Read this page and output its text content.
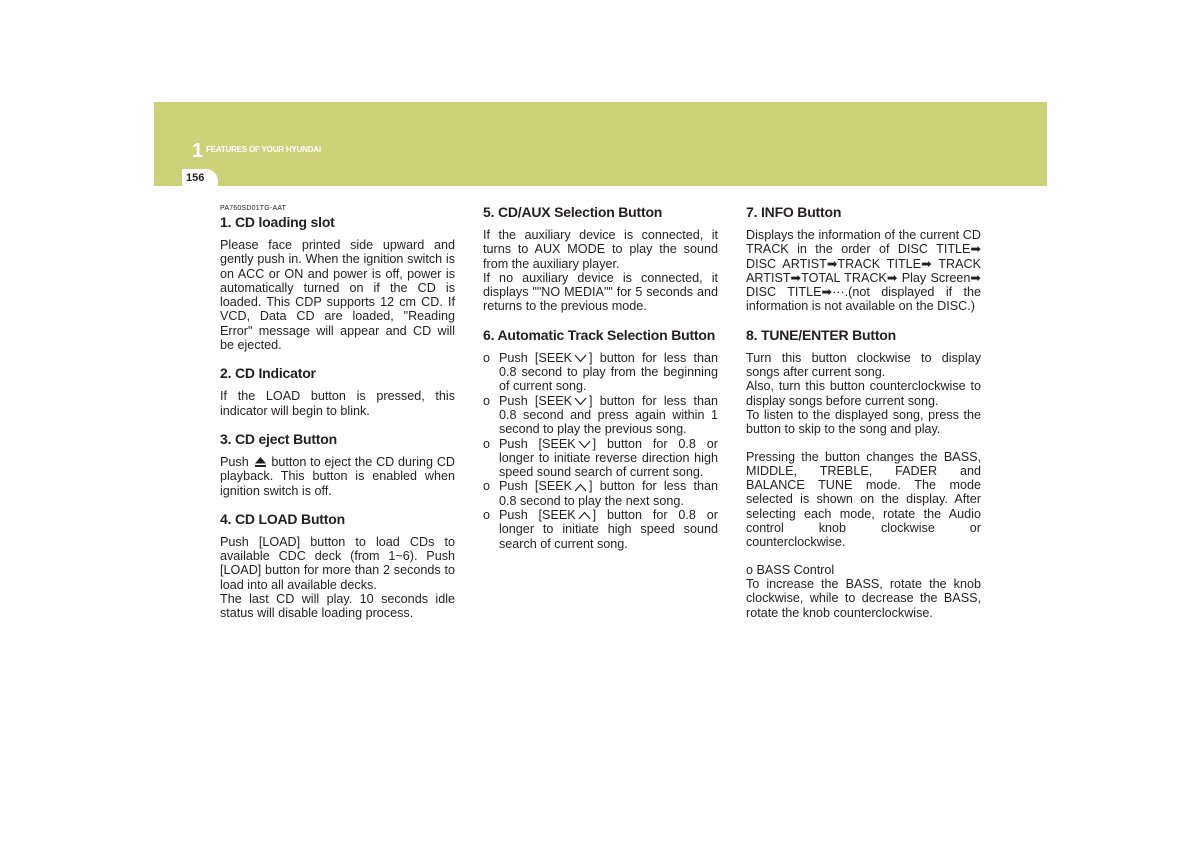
1 FEATURES OF YOUR HYUNDAI
156
PA760SD01TG-AAT
1. CD loading slot

Please face printed side upward and gently push in. When the ignition switch is on ACC or ON and power is off, power is automatically turned on if the CD is loaded. This CDP supports 12 cm CD. If VCD, Data CD are loaded, "Reading Error" message will appear and CD will be ejected.

2. CD Indicator

If the LOAD button is pressed, this indicator will begin to blink.

3. CD eject Button

Push button to eject the CD during CD playback. This button is enabled when ignition switch is off.

4. CD LOAD Button

Push [LOAD] button to load CDs to available CDC deck (from 1~6). Push [LOAD] button for more than 2 seconds to load into all available decks.

The last CD will play. 10 seconds idle status will disable loading process.

5. CD/AUX Selection Button

If the auxiliary device is connected, it turns to AUX MODE to play the sound from the auxiliary player.

If no auxiliary device is connected, it displays ""NO MEDIA"" for 5 seconds and returns to the previous mode.

6. Automatic Track Selection Button
o Push [SEEK ] button for less than 0.8 second to play from the beginning of current song.
o Push [SEEK ] button for less than 0.8 second and press again within 1 second to play the previous song.
o Push [SEEK ] button for 0.8 or longer to initiate reverse direction high speed sound search of current song.
o Push [SEEK ] button for less than 0.8 second to play the next song.
o Push [SEEK ] button for 0.8 or longer to initiate high speed sound search of current song.
7. INFO Button

Displays the information of the current CD TRACK in the order of DISC TITLE➡ DISC ARTIST➡TRACK TITLE➡ TRACK ARTIST➡TOTAL TRACK➡ Play Screen➡ DISC TITLE➡···.(not displayed if the information is not available on the DISC.)

8. TUNE/ENTER Button

Turn this button clockwise to display songs after current song.

Also, turn this button counterclockwise to display songs before current song.

To listen to the displayed song, press the button to skip to the song and play.

Pressing the button changes the BASS, MIDDLE, TREBLE, FADER and BALANCE TUNE mode. The mode selected is shown on the display. After selecting each mode, rotate the Audio control knob clockwise or counterclockwise.

o BASS Control

To increase the BASS, rotate the knob clockwise, while to decrease the BASS, rotate the knob counterclockwise.
